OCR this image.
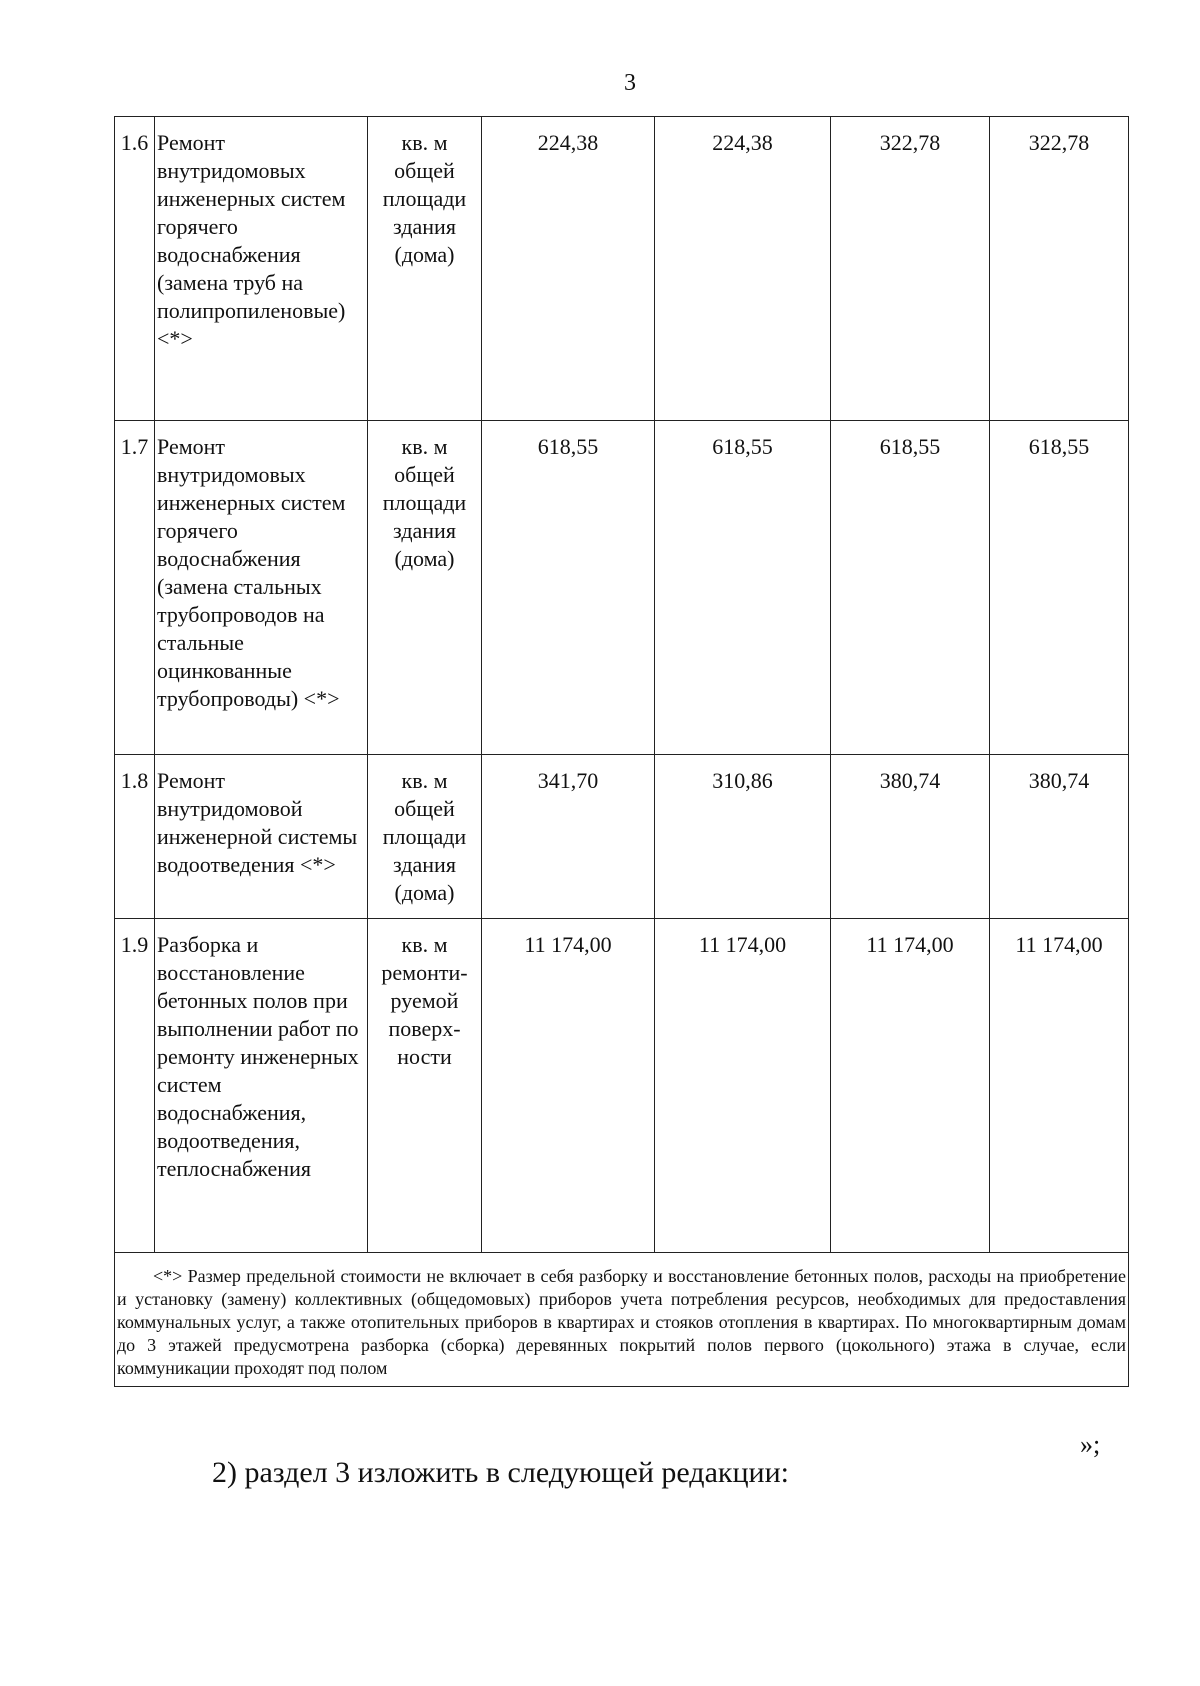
3
1.6	Ремонт внутридомовых инженерных систем горячего водоснабжения (замена труб на полипропиленовые) <*>	кв. м общей площади здания (дома)	224,38	224,38	322,78	322,78
1.7	Ремонт внутридомовых инженерных систем горячего водоснабжения (замена стальных трубопроводов на стальные оцинкованные трубопроводы) <*>	кв. м общей площади здания (дома)	618,55	618,55	618,55	618,55
1.8	Ремонт внутридомовой инженерной системы водоотведения <*>	кв. м общей площади здания (дома)	341,70	310,86	380,74	380,74
1.9	Разборка и восстановление бетонных полов при выполнении работ по ремонту инженерных систем водоснабжения, водоотведения, теплоснабжения	кв. м ремонти- руемой поверх- ности	11 174,00	11 174,00	11 174,00	11 174,00
<*> Размер предельной стоимости не включает в себя разборку и восстановление бетонных полов, расходы на приобретение и установку (замену) коллективных (общедомовых) приборов учета потребления ресурсов, необходимых для предоставления коммунальных услуг, а также отопительных приборов в квартирах и стояков отопления в квартирах. По многоквартирным домам до 3 этажей предусмотрена разборка (сборка) деревянных покрытий полов первого (цокольного) этажа в случае, если коммуникации проходят под полом						
»;
2) раздел 3 изложить в следующей редакции:
